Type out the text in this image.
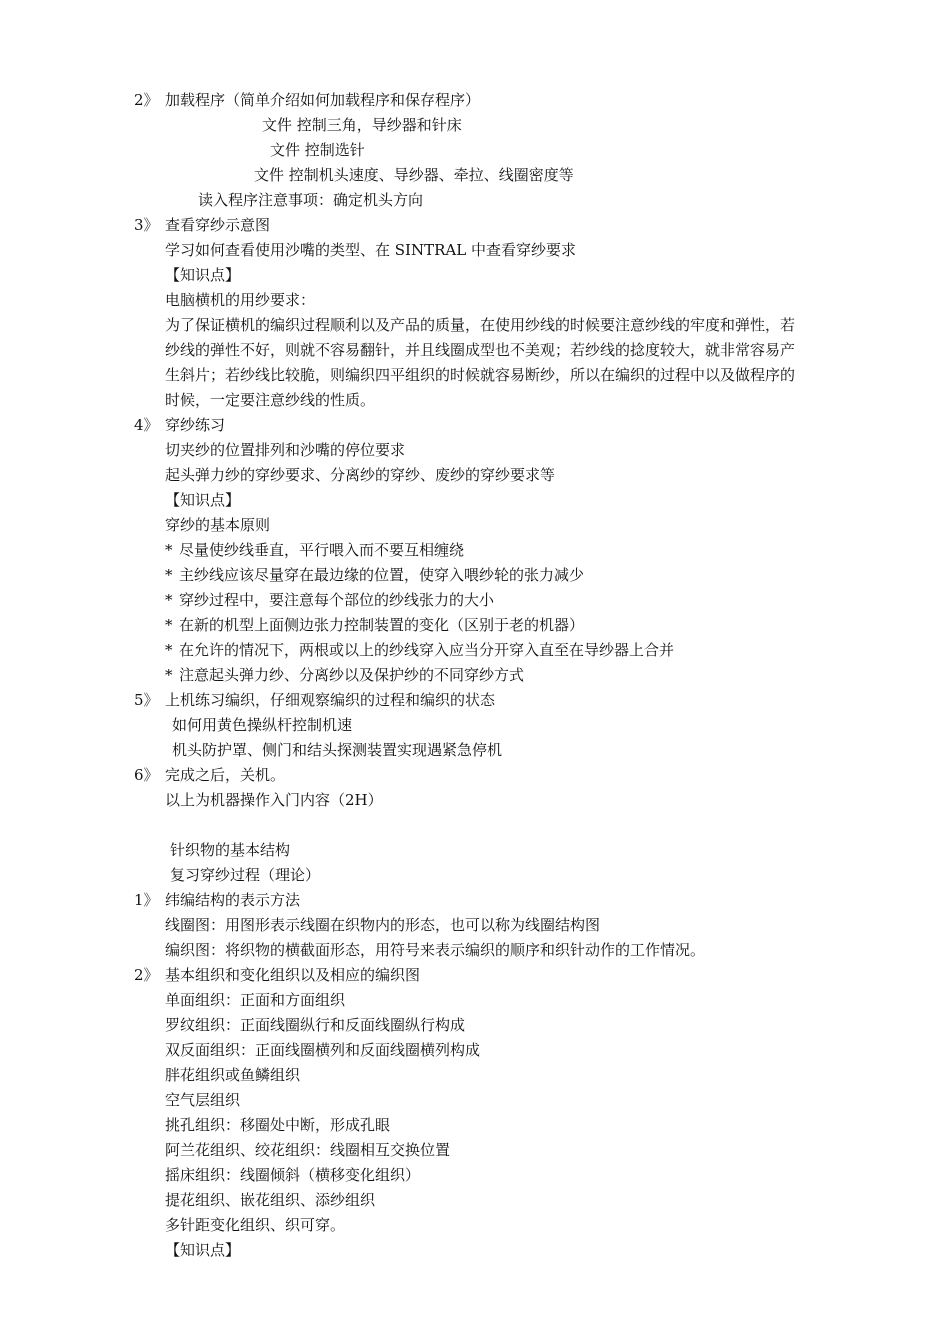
2》 加载程序（简单介绍如何加载程序和保存程序）
文件 控制三角，导纱器和针床
文件 控制选针
文件 控制机头速度、导纱器、牵拉、线圈密度等
读入程序注意事项：确定机头方向
3》 查看穿纱示意图
学习如何查看使用沙嘴的类型、在 SINTRAL 中查看穿纱要求
【知识点】
电脑横机的用纱要求：
为了保证横机的编织过程顺利以及产品的质量，在使用纱线的时候要注意纱线的牢度和弹性，若
纱线的弹性不好，则就不容易翻针，并且线圈成型也不美观；若纱线的捻度较大，就非常容易产
生斜片；若纱线比较脆，则编织四平组织的时候就容易断纱，所以在编织的过程中以及做程序的
时候，一定要注意纱线的性质。
4》 穿纱练习
切夹纱的位置排列和沙嘴的停位要求
起头弹力纱的穿纱要求、分离纱的穿纱、废纱的穿纱要求等
【知识点】
穿纱的基本原则
* 尽量使纱线垂直，平行喂入而不要互相缠绕
* 主纱线应该尽量穿在最边缘的位置，使穿入喂纱轮的张力减少
* 穿纱过程中，要注意每个部位的纱线张力的大小
* 在新的机型上面侧边张力控制装置的变化（区别于老的机器）
* 在允许的情况下，两根或以上的纱线穿入应当分开穿入直至在导纱器上合并
* 注意起头弹力纱、分离纱以及保护纱的不同穿纱方式
5》 上机练习编织，仔细观察编织的过程和编织的状态
如何用黄色操纵杆控制机速
机头防护罩、侧门和结头探测装置实现遇紧急停机
6》 完成之后，关机。
以上为机器操作入门内容（2H）
针织物的基本结构
复习穿纱过程（理论）
1》 纬编结构的表示方法
线圈图：用图形表示线圈在织物内的形态，也可以称为线圈结构图
编织图：将织物的横截面形态，用符号来表示编织的顺序和织针动作的工作情况。
2》 基本组织和变化组织以及相应的编织图
单面组织：正面和方面组织
罗纹组织：正面线圈纵行和反面线圈纵行构成
双反面组织：正面线圈横列和反面线圈横列构成
胖花组织或鱼鳞组织
空气层组织
挑孔组织：移圈处中断，形成孔眼
阿兰花组织、绞花组织：线圈相互交换位置
摇床组织：线圈倾斜（横移变化组织）
提花组织、嵌花组织、添纱组织
多针距变化组织、织可穿。
【知识点】
